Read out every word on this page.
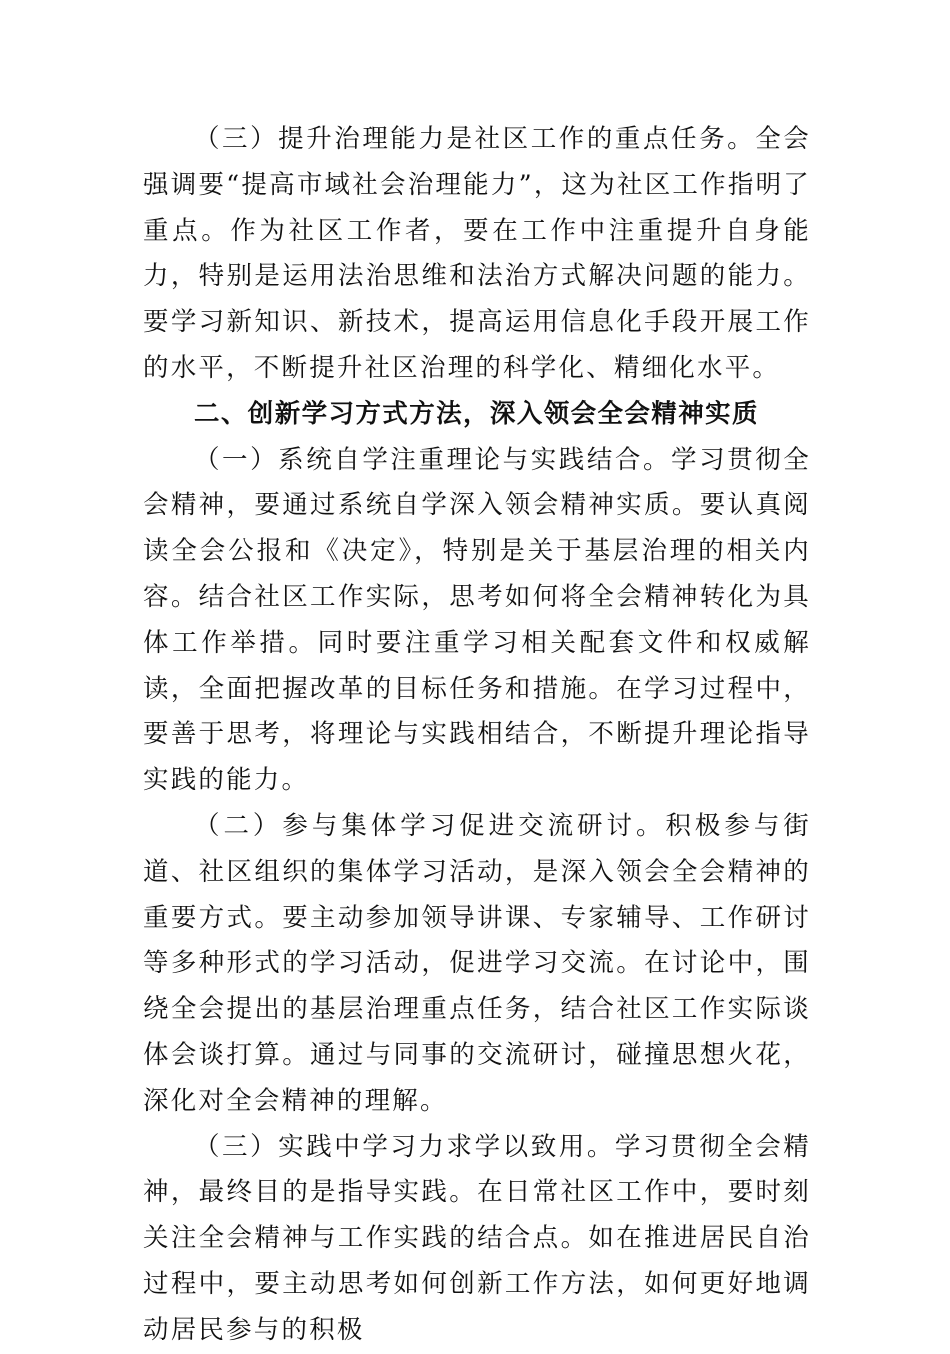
（三）提升治理能力是社区工作的重点任务。全会强调要“提高市域社会治理能力”，这为社区工作指明了重点。作为社区工作者，要在工作中注重提升自身能力，特别是运用法治思维和法治方式解决问题的能力。要学习新知识、新技术，提高运用信息化手段开展工作的水平，不断提升社区治理的科学化、精细化水平。

二、创新学习方式方法，深入领会全会精神实质

（一）系统自学注重理论与实践结合。学习贯彻全会精神，要通过系统自学深入领会精神实质。要认真阅读全会公报和《决定》，特别是关于基层治理的相关内容。结合社区工作实际，思考如何将全会精神转化为具体工作举措。同时要注重学习相关配套文件和权威解读，全面把握改革的目标任务和措施。在学习过程中，要善于思考，将理论与实践相结合，不断提升理论指导实践的能力。

（二）参与集体学习促进交流研讨。积极参与街道、社区组织的集体学习活动，是深入领会全会精神的重要方式。要主动参加领导讲课、专家辅导、工作研讨等多种形式的学习活动，促进学习交流。在讨论中，围绕全会提出的基层治理重点任务，结合社区工作实际谈体会谈打算。通过与同事的交流研讨，碰撞思想火花，深化对全会精神的理解。

（三）实践中学习力求学以致用。学习贯彻全会精神，最终目的是指导实践。在日常社区工作中，要时刻关注全会精神与工作实践的结合点。如在推进居民自治过程中，要主动思考如何创新工作方法，如何更好地调动居民参与的积极
